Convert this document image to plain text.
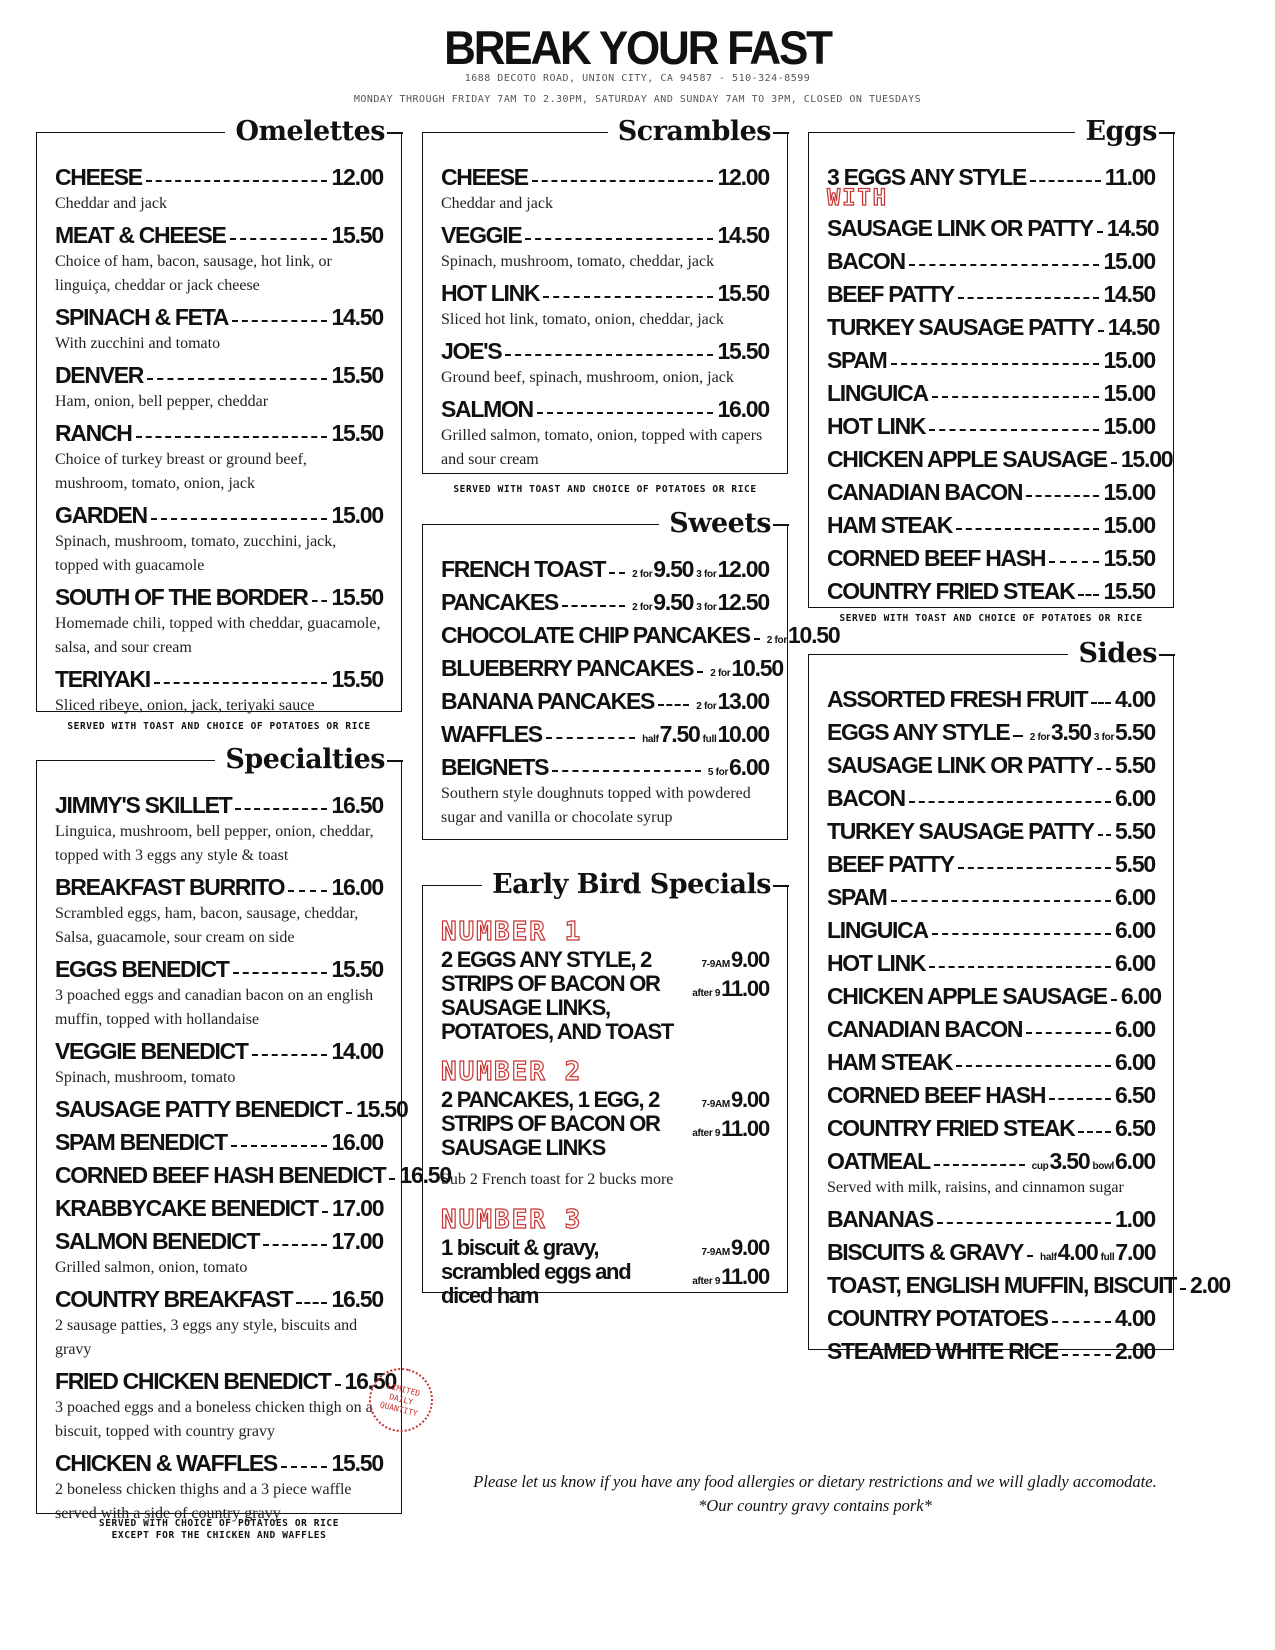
BREAK YOUR FAST
1688 DECOTO ROAD, UNION CITY, CA 94587 - 510-324-8599
MONDAY THROUGH FRIDAY 7AM TO 2.30PM, SATURDAY AND SUNDAY 7AM TO 3PM, CLOSED ON TUESDAYS
Omelettes
CHEESE	12.00
Cheddar and jack
MEAT & CHEESE	15.50
Choice of ham, bacon, sausage, hot link, or linguiça, cheddar or jack cheese
SPINACH & FETA	14.50
With zucchini and tomato
DENVER	15.50
Ham, onion, bell pepper, cheddar
RANCH	15.50
Choice of turkey breast or ground beef, mushroom, tomato, onion, jack
GARDEN	15.00
Spinach, mushroom, tomato, zucchini, jack, topped with guacamole
SOUTH OF THE BORDER 15.50
Homemade chili, topped with cheddar, guacamole, salsa, and sour cream
TERIYAKI	15.50
Sliced ribeye, onion, jack, teriyaki sauce
SERVED WITH TOAST AND CHOICE OF POTATOES OR RICE
Specialties
JIMMY'S SKILLET	16.50
Linguica, mushroom, bell pepper, onion, cheddar, topped with 3 eggs any style & toast
BREAKFAST BURRITO 16.00
Scrambled eggs, ham, bacon, sausage, cheddar, Salsa, guacamole, sour cream on side
EGGS BENEDICT	15.50
3 poached eggs and canadian bacon on an english muffin, topped with hollandaise
VEGGIE BENEDICT	14.00
Spinach, mushroom, tomato
SAUSAGE PATTY BENEDICT 15.50
SPAM BENEDICT	16.00
CORNED BEEF HASH BENEDICT 16.50
KRABBYCAKE BENEDICT 17.00
SALMON BENEDICT	17.00
Grilled salmon, onion, tomato
COUNTRY BREAKFAST 16.50
2 sausage patties, 3 eggs any style, biscuits and gravy
FRIED CHICKEN BENEDICT 16.50
3 poached eggs and a boneless chicken thigh on a biscuit, topped with country gravy
CHICKEN & WAFFLES 15.50
2 boneless chicken thighs and a 3 piece waffle served with a side of country gravy
SERVED WITH CHOICE OF POTATOES OR RICE
EXCEPT FOR THE CHICKEN AND WAFFLES
LIMITED DAILY QUANTITY
Scrambles
CHEESE	12.00
Cheddar and jack
VEGGIE	14.50
Spinach, mushroom, tomato, cheddar, jack
HOT LINK	15.50
Sliced hot link, tomato, onion, cheddar, jack
JOE'S	15.50
Ground beef, spinach, mushroom, onion, jack
SALMON	16.00
Grilled salmon, tomato, onion, topped with capers and sour cream
SERVED WITH TOAST AND CHOICE OF POTATOES OR RICE
Sweets
FRENCH TOAST	2 for9.50 3 for12.00
PANCAKES	2 for9.50 3 for12.50
CHOCOLATE CHIP PANCAKES	2 for10.50
BLUEBERRY PANCAKES	2 for10.50
BANANA PANCAKES	2 for13.00
WAFFLES	half7.50 full10.00
BEIGNETS	5 for6.00
Southern style doughnuts topped with powdered sugar and vanilla or chocolate syrup
Early Bird Specials
NUMBER 1
2 EGGS ANY STYLE, 2 STRIPS OF BACON OR SAUSAGE LINKS, POTATOES, AND TOAST
7-9AM9.00
after 911.00
NUMBER 2
2 PANCAKES, 1 EGG, 2 STRIPS OF BACON OR SAUSAGE LINKS
7-9AM9.00
after 911.00
Sub 2 French toast for 2 bucks more
NUMBER 3
1 biscuit & gravy, scrambled eggs and diced ham
7-9AM9.00
after 911.00
Eggs
3 EGGS ANY STYLE	11.00
WITH
SAUSAGE LINK OR PATTY 14.50
BACON	15.00
BEEF PATTY	14.50
TURKEY SAUSAGE PATTY 14.50
SPAM	15.00
LINGUICA	15.00
HOT LINK	15.00
CHICKEN APPLE SAUSAGE 15.00
CANADIAN BACON	15.00
HAM STEAK	15.00
CORNED BEEF HASH	15.50
COUNTRY FRIED STEAK 15.50
SERVED WITH TOAST AND CHOICE OF POTATOES OR RICE
Sides
ASSORTED FRESH FRUIT 4.00
EGGS ANY STYLE	2 for3.50 3 for5.50
SAUSAGE LINK OR PATTY 5.50
BACON	6.00
TURKEY SAUSAGE PATTY 5.50
BEEF PATTY	5.50
SPAM	6.00
LINGUICA	6.00
HOT LINK	6.00
CHICKEN APPLE SAUSAGE 6.00
CANADIAN BACON	6.00
HAM STEAK	6.00
CORNED BEEF HASH	6.50
COUNTRY FRIED STEAK 6.50
OATMEAL	cup3.50 bowl6.00
Served with milk, raisins, and cinnamon sugar
BANANAS	1.00
BISCUITS & GRAVY	half4.00 full7.00
TOAST, ENGLISH MUFFIN, BISCUIT 2.00
COUNTRY POTATOES	4.00
STEAMED WHITE RICE 2.00
Please let us know if you have any food allergies or dietary restrictions and we will gladly accomodate.
*Our country gravy contains pork*
